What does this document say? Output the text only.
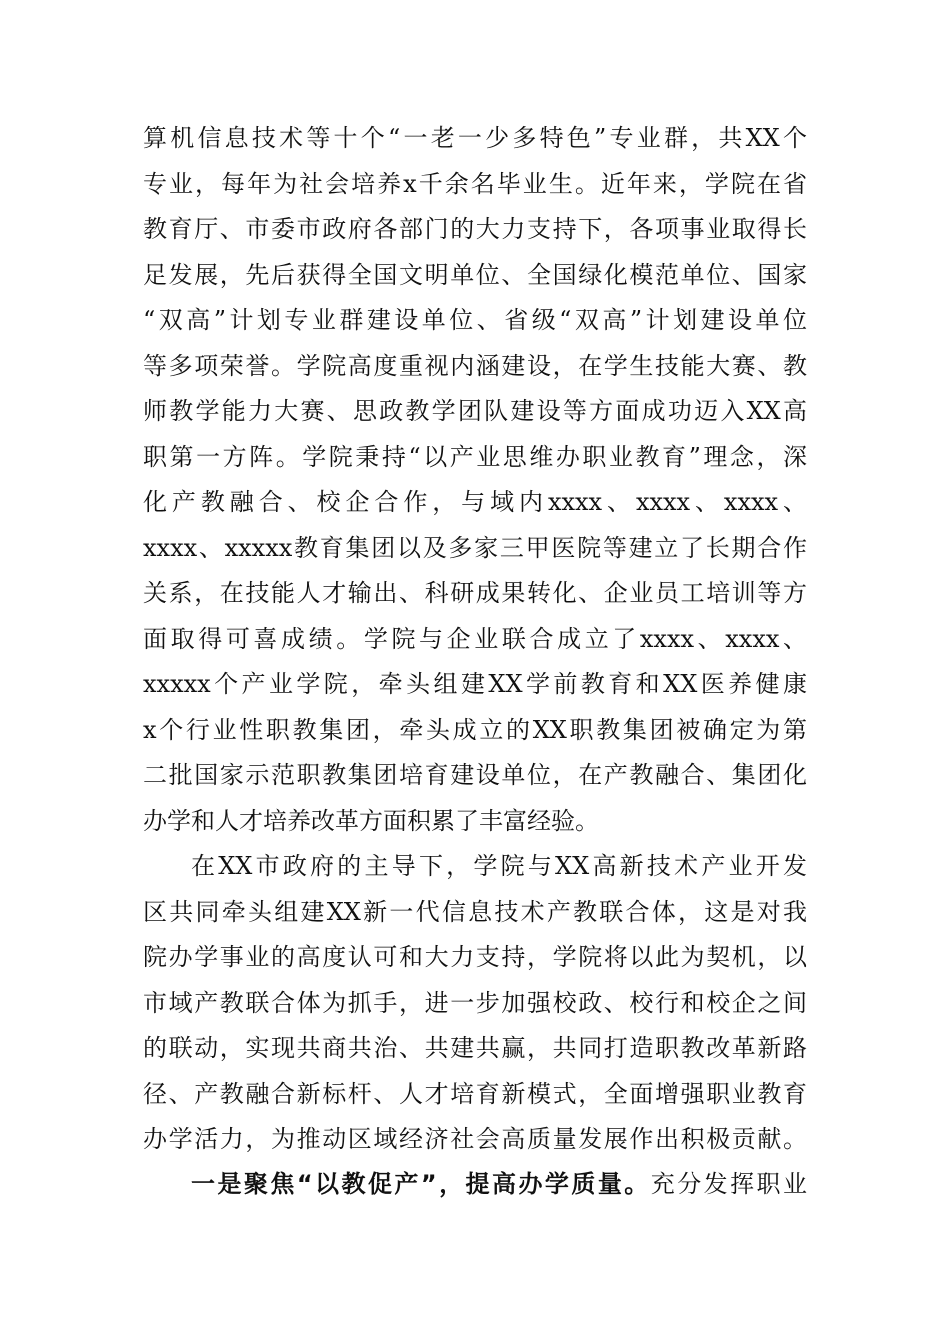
算机信息技术等十个“一老一少多特色”专业群，共XX个
专业，每年为社会培养x千余名毕业生。近年来，学院在省
教育厅、市委市政府各部门的大力支持下，各项事业取得长
足发展，先后获得全国文明单位、全国绿化模范单位、国家
“双高”计划专业群建设单位、省级“双高”计划建设单位
等多项荣誉。学院高度重视内涵建设，在学生技能大赛、教
师教学能力大赛、思政教学团队建设等方面成功迈入XX高
职第一方阵。学院秉持“以产业思维办职业教育”理念，深
化产教融合、校企合作，与域内xxxx、xxxx、xxxx、
xxxx、xxxxx教育集团以及多家三甲医院等建立了长期合作
关系，在技能人才输出、科研成果转化、企业员工培训等方
面取得可喜成绩。学院与企业联合成立了xxxx、xxxx、
xxxxx个产业学院，牵头组建XX学前教育和XX医养健康
x个行业性职教集团，牵头成立的XX职教集团被确定为第
二批国家示范职教集团培育建设单位，在产教融合、集团化
办学和人才培养改革方面积累了丰富经验。
在XX市政府的主导下，学院与XX高新技术产业开发
区共同牵头组建XX新一代信息技术产教联合体，这是对我
院办学事业的高度认可和大力支持，学院将以此为契机，以
市域产教联合体为抓手，进一步加强校政、校行和校企之间
的联动，实现共商共治、共建共赢，共同打造职教改革新路
径、产教融合新标杆、人才培育新模式，全面增强职业教育
办学活力，为推动区域经济社会高质量发展作出积极贡献。
一是聚焦“以教促产”，提高办学质量。充分发挥职业
